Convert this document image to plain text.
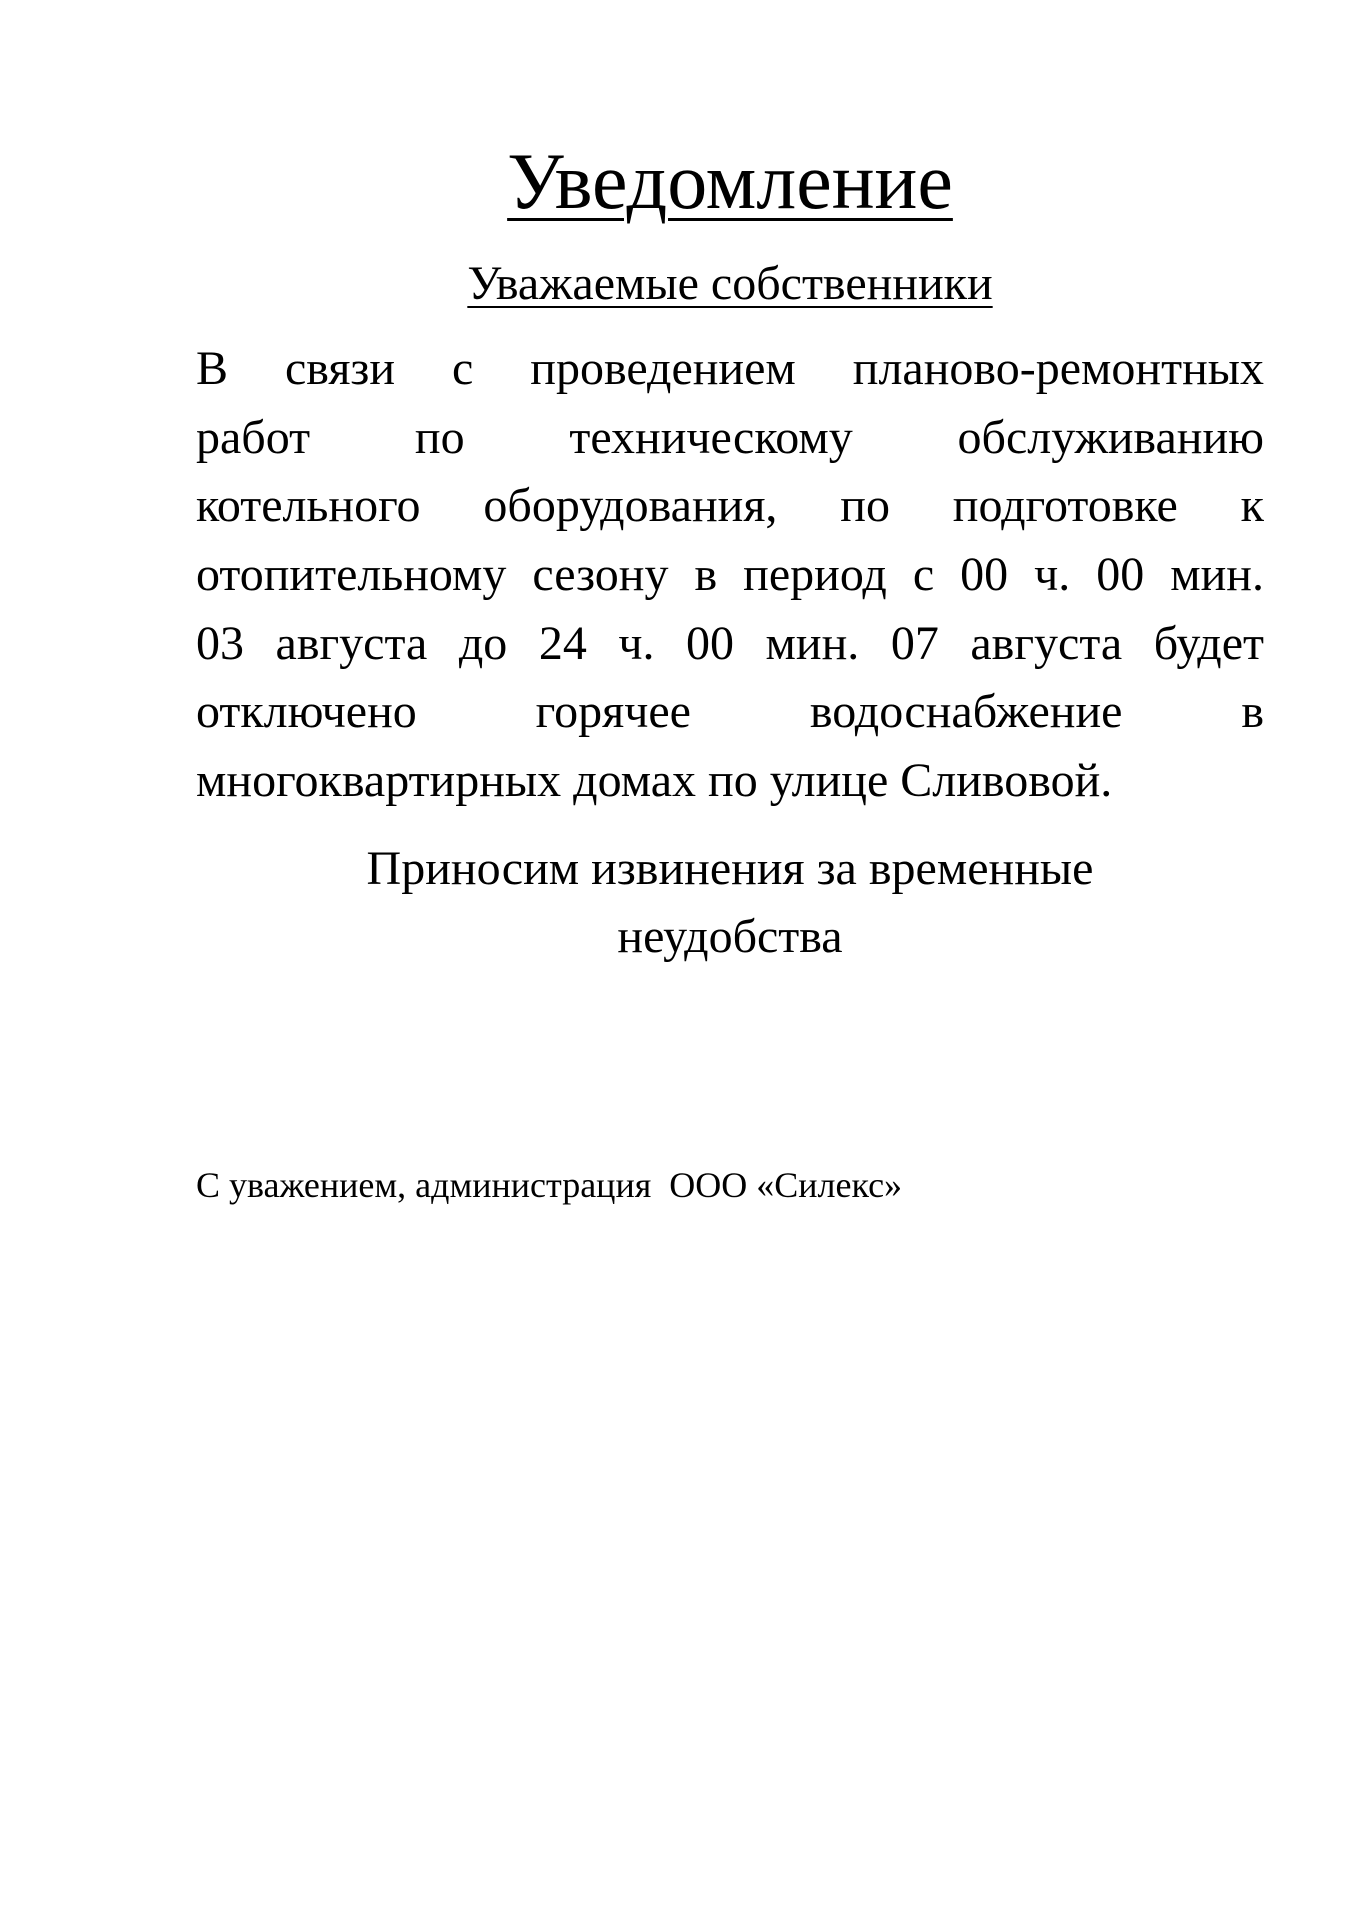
Уведомление

Уважаемые собственники

В связи с проведением планово-ремонтных
работ по техническому обслуживанию
котельного оборудования, по подготовке к
отопительному сезону в период с 00 ч. 00 мин.
03 августа до 24 ч. 00 мин. 07 августа будет
отключено горячее водоснабжение в
многоквартирных домах по улице Сливовой.
Приносим извинения за временные
неудобства

С уважением, администрация  ООО «Силекс»
